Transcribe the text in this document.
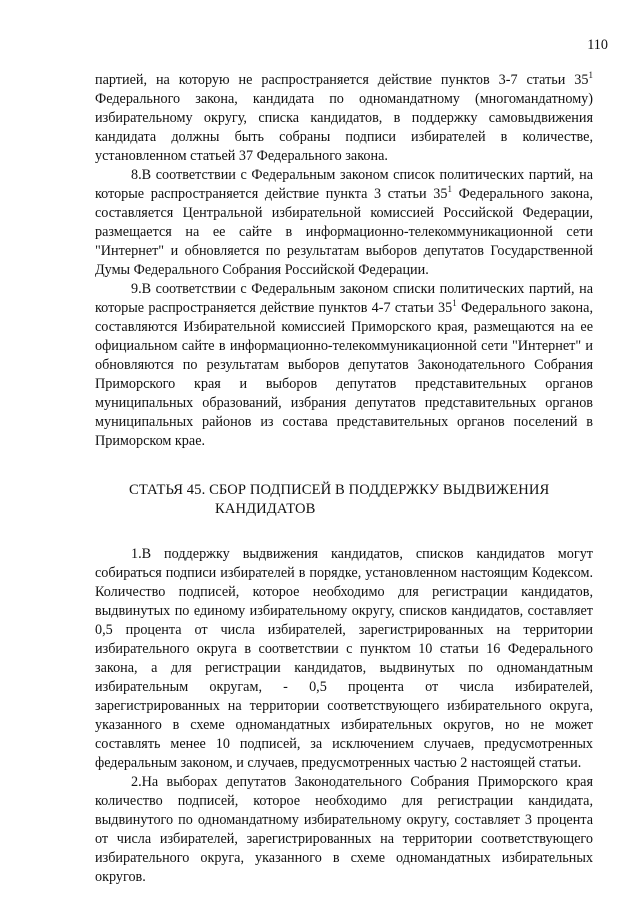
110

партией, на которую не распространяется действие пунктов 3-7 статьи $35^1$ Федерального закона, кандидата по одномандатному (многомандатному) избирательному округу, списка кандидатов, в поддержку самовыдвижения кандидата должны быть собраны подписи избирателей в количестве, установленном статьей 37 Федерального закона.

8.В соответствии с Федеральным законом список политических партий, на которые распространяется действие пункта 3 статьи $35^1$ Федерального закона, составляется Центральной избирательной комиссией Российской Федерации, размещается на ее сайте в информационно-телекоммуникационной сети "Интернет" и обновляется по результатам выборов депутатов Государственной Думы Федерального Собрания Российской Федерации.

9.В соответствии с Федеральным законом списки политических партий, на которые распространяется действие пунктов 4-7 статьи $35^1$ Федерального закона, составляются Избирательной комиссией Приморского края, размещаются на ее официальном сайте в информационно-телекоммуникационной сети "Интернет" и обновляются по результатам выборов депутатов Законодательного Собрания Приморского края и выборов депутатов представительных органов муниципальных образований, избрания депутатов представительных органов муниципальных районов из состава представительных органов поселений в Приморском крае.

СТАТЬЯ 45. СБОР ПОДПИСЕЙ В ПОДДЕРЖКУ ВЫДВИЖЕНИЯ
КАНДИДАТОВ

1.В поддержку выдвижения кандидатов, списков кандидатов могут собираться подписи избирателей в порядке, установленном настоящим Кодексом. Количество подписей, которое необходимо для регистрации кандидатов, выдвинутых по единому избирательному округу, списков кандидатов, составляет 0,5 процента от числа избирателей, зарегистрированных на территории избирательного округа в соответствии с пунктом 10 статьи 16 Федерального закона, а для регистрации кандидатов, выдвинутых по одномандатным избирательным округам, - 0,5 процента от числа избирателей, зарегистрированных на территории соответствующего избирательного округа, указанного в схеме одномандатных избирательных округов, но не может составлять менее 10 подписей, за исключением случаев, предусмотренных федеральным законом, и случаев, предусмотренных частью 2 настоящей статьи.

2.На выборах депутатов Законодательного Собрания Приморского края количество подписей, которое необходимо для регистрации кандидата, выдвинутого по одномандатному избирательному округу, составляет 3 процента от числа избирателей, зарегистрированных на территории соответствующего избирательного округа, указанного в схеме одномандатных избирательных округов.
